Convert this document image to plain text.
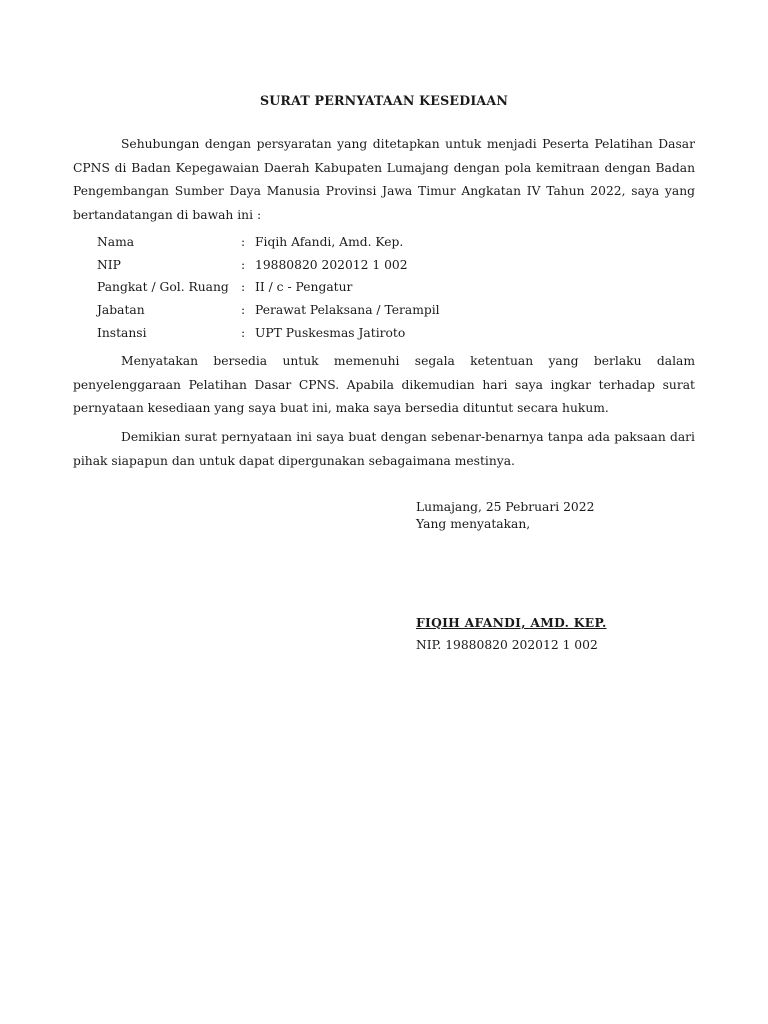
SURAT PERNYATAAN KESEDIAAN

Sehubungan dengan persyaratan yang ditetapkan untuk menjadi Peserta Pelatihan Dasar CPNS di Badan Kepegawaian Daerah Kabupaten Lumajang dengan pola kemitraan dengan Badan Pengembangan Sumber Daya Manusia Provinsi Jawa Timur Angkatan IV Tahun 2022, saya yang bertandatangan di bawah ini :

Nama	:	Fiqih Afandi, Amd. Kep.
NIP	:	19880820 202012 1 002
Pangkat / Gol. Ruang	:	II / c - Pengatur
Jabatan	:	Perawat Pelaksana / Terampil
Instansi	:	UPT Puskesmas Jatiroto

Menyatakan bersedia untuk memenuhi segala ketentuan yang berlaku dalam penyelenggaraan Pelatihan Dasar CPNS. Apabila dikemudian hari saya ingkar terhadap surat pernyataan kesediaan yang saya buat ini, maka saya bersedia dituntut secara hukum.

Demikian surat pernyataan ini saya buat dengan sebenar-benarnya tanpa ada paksaan dari pihak siapapun dan untuk dapat dipergunakan sebagaimana mestinya.

Lumajang, 25 Pebruari 2022

Yang menyatakan,

FIQIH AFANDI, AMD. KEP.

NIP. 19880820 202012 1 002
